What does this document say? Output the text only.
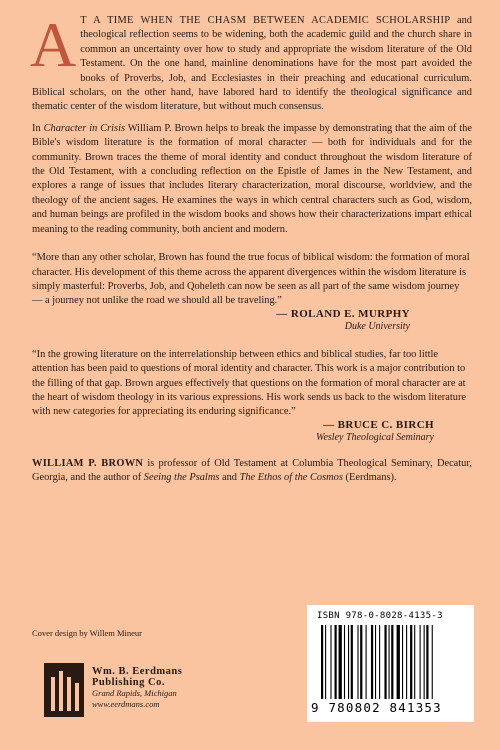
A T A TIME WHEN THE CHASM BETWEEN ACADEMIC SCHOLARSHIP and theological reflection seems to be widening, both the academic guild and the church share in common an uncertainty over how to study and appropriate the wisdom literature of the Old Testament. On the one hand, mainline denominations have for the most part avoided the books of Proverbs, Job, and Ecclesiastes in their preaching and educational curriculum. Biblical scholars, on the other hand, have labored hard to identify the theological significance and thematic center of the wisdom literature, but without much consensus.

In Character in Crisis William P. Brown helps to break the impasse by demonstrating that the aim of the Bible's wisdom literature is the formation of moral character — both for individuals and for the community. Brown traces the theme of moral identity and conduct throughout the wisdom literature of the Old Testament, with a concluding reflection on the Epistle of James in the New Testament, and explores a range of issues that includes literary characterization, moral discourse, worldview, and the theology of the ancient sages. He examines the ways in which central characters such as God, wisdom, and human beings are profiled in the wisdom books and shows how their characterizations impart ethical meaning to the reading community, both ancient and modern.

“More than any other scholar, Brown has found the true focus of biblical wisdom: the formation of moral character. His development of this theme across the apparent divergences within the wisdom literature is simply masterful: Proverbs, Job, and Qoheleth can now be seen as all part of the same wisdom journey — a journey not unlike the road we should all be traveling.”

— ROLAND E. MURPHY
Duke University

“In the growing literature on the interrelationship between ethics and biblical studies, far too little attention has been paid to questions of moral identity and character. This work is a major contribution to the filling of that gap. Brown argues effectively that questions on the formation of moral character are at the heart of wisdom theology in its various expressions. His work sends us back to the wisdom literature with new categories for appreciating its enduring significance.”

— BRUCE C. BIRCH
Wesley Theological Seminary

WILLIAM P. BROWN is professor of Old Testament at Columbia Theological Seminary, Decatur, Georgia, and the author of Seeing the Psalms and The Ethos of the Cosmos (Eerdmans).

Cover design by Willem Mineur
Wm. B. Eerdmans
Publishing Co.
Grand Rapids, Michigan
www.eerdmans.com
ISBN 978-0-8028-4135-3
9 780802 841353
